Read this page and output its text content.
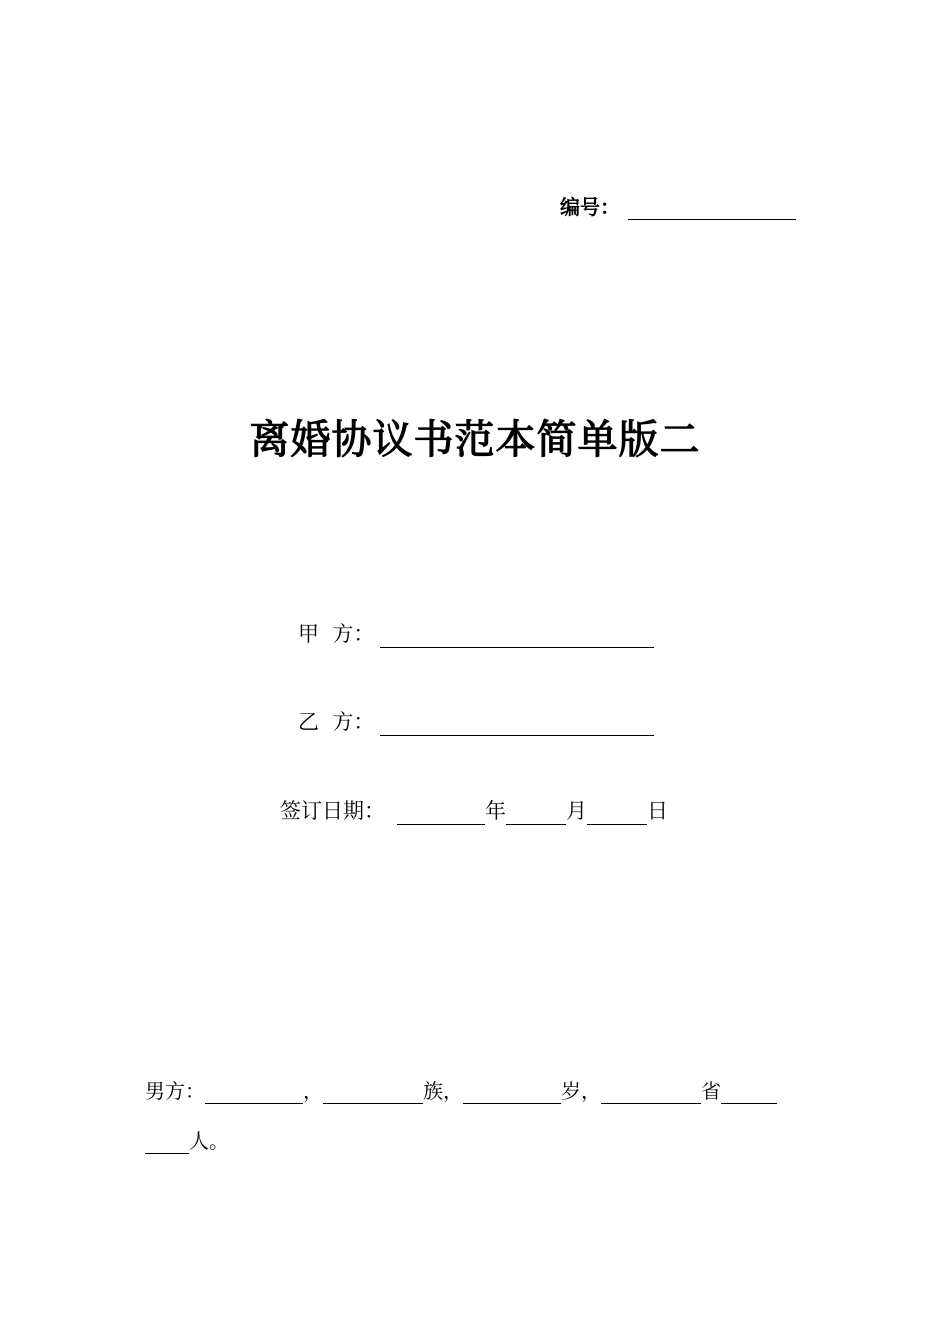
编号：
离婚协议书范本简单版二
甲  方：
乙  方：
签订日期：	年	月	日
男方：	，	族，	岁，	省
人。
